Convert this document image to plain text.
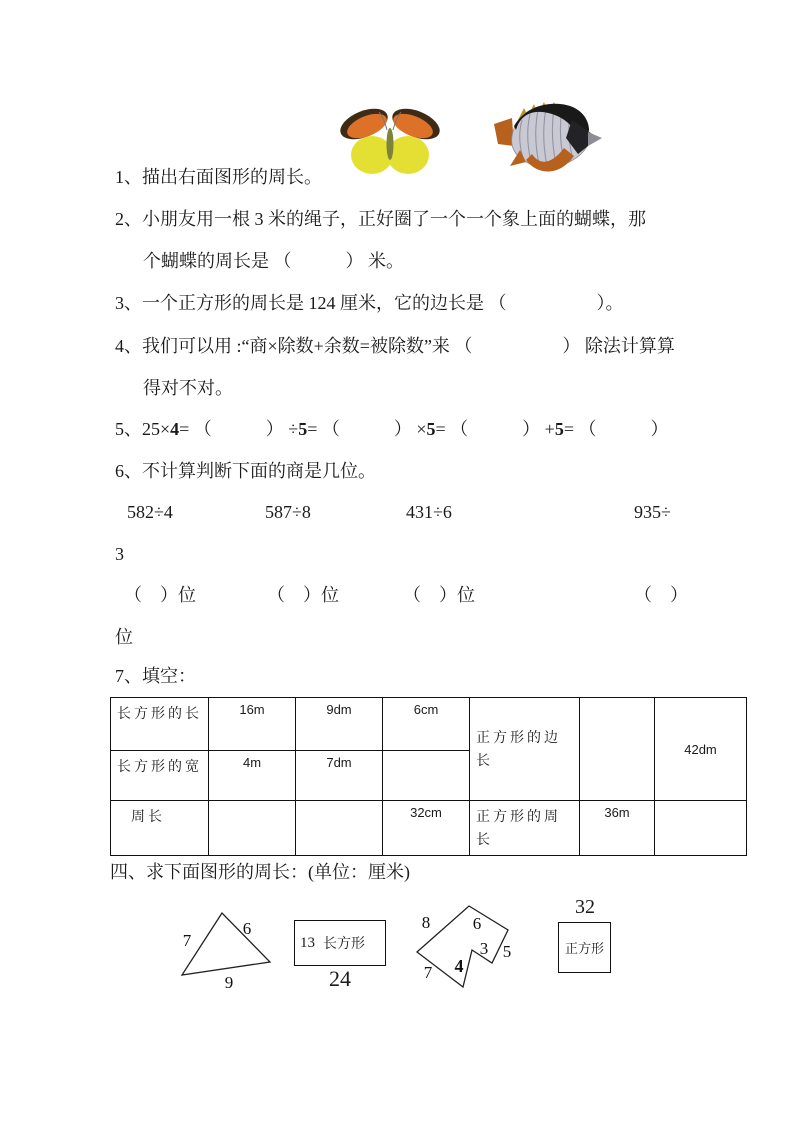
1、描出右面图形的周长。
2、小朋友用一根 3 米的绳子，正好圈了一个一个象上面的蝴蝶，那
个蝴蝶的周长是 （　　　） 米。
3、一个正方形的周长是 124 厘米，它的边长是 （　　　　　）。
4、我们可以用 :“商×除数+余数=被除数”来 （　　　　　） 除法计算算
得对不对。
5、25×4= （　　　） ÷5= （　　　） ×5= （　　　） +5= （　　　）
6、不计算判断下面的商是几位。
582÷4	587÷8	431÷6	935÷
3
（　）位	（　）位	（　）位	（　）
位
7、填空：
长方形的长	16m	9dm	6cm	正方形的边长		42dm
长方形的宽	4m	7dm				
周长			32cm	正方形的周长	36m	
四、求下面图形的周长：(单位：厘米)
7
6
9
13 长方形
24
8	6
3 5
4
7
32
正方形
